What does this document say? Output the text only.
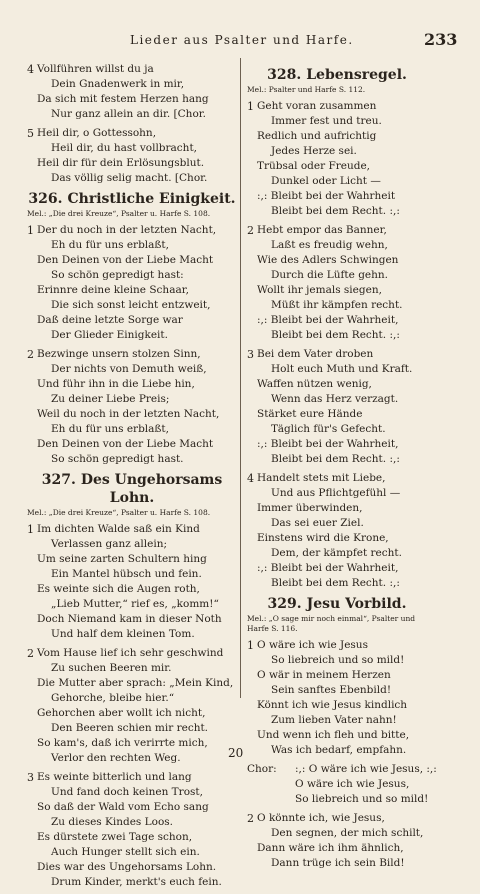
Lieder aus Psalter und Harfe.	233
4 Vollführen willst du ja
Dein Gnadenwerk in mir,
Da sich mit festem Herzen hang
Nur ganz allein an dir. [Chor.
5 Heil dir, o Gottessohn,
Heil dir, du hast vollbracht,
Heil dir für dein Erlösungsblut.
Das völlig selig macht. [Chor.
326. Christliche Einigkeit.
Mel.: „Die drei Kreuze“, Psalter u. Harfe S. 108.
1 Der du noch in der letzten Nacht,
Eh du für uns erblaßt,
Den Deinen von der Liebe Macht
So schön gepredigt hast:
Erinnre deine kleine Schaar,
Die sich sonst leicht entzweit,
Daß deine letzte Sorge war
Der Glieder Einigkeit.
2 Bezwinge unsern stolzen Sinn,
Der nichts von Demuth weiß,
Und führ ihn in die Liebe hin,
Zu deiner Liebe Preis;
Weil du noch in der letzten Nacht,
Eh du für uns erblaßt,
Den Deinen von der Liebe Macht
So schön gepredigt hast.
327. Des Ungehorsams Lohn.
Mel.: „Die drei Kreuze“, Psalter u. Harfe S. 108.
1 Im dichten Walde saß ein Kind
Verlassen ganz allein;
Um seine zarten Schultern hing
Ein Mantel hübsch und fein.
Es weinte sich die Augen roth,
„Lieb Mutter,“ rief es, „komm!“
Doch Niemand kam in dieser Noth
Und half dem kleinen Tom.
2 Vom Hause lief ich sehr geschwind
Zu suchen Beeren mir.
Die Mutter aber sprach: „Mein Kind,
Gehorche, bleibe hier.“
Gehorchen aber wollt ich nicht,
Den Beeren schien mir recht.
So kam's, daß ich verirrte mich,
Verlor den rechten Weg.
3 Es weinte bitterlich und lang
Und fand doch keinen Trost,
So daß der Wald vom Echo sang
Zu dieses Kindes Loos.
Es dürstete zwei Tage schon,
Auch Hunger stellt sich ein.
Dies war des Ungehorsams Lohn.
Drum Kinder, merkt's euch fein.
328. Lebensregel.
Mel.: Psalter und Harfe S. 112.
1 Geht voran zusammen
Immer fest und treu.
Redlich und aufrichtig
Jedes Herze sei.
Trübsal oder Freude,
Dunkel oder Licht —
:,: Bleibt bei der Wahrheit
Bleibt bei dem Recht. :,:
2 Hebt empor das Banner,
Laßt es freudig wehn,
Wie des Adlers Schwingen
Durch die Lüfte gehn.
Wollt ihr jemals siegen,
Müßt ihr kämpfen recht.
:,: Bleibt bei der Wahrheit,
Bleibt bei dem Recht. :,:
3 Bei dem Vater droben
Holt euch Muth und Kraft.
Waffen nützen wenig,
Wenn das Herz verzagt.
Stärket eure Hände
Täglich für's Gefecht.
:,: Bleibt bei der Wahrheit,
Bleibt bei dem Recht. :,:
4 Handelt stets mit Liebe,
Und aus Pflichtgefühl —
Immer überwinden,
Das sei euer Ziel.
Einstens wird die Krone,
Dem, der kämpfet recht.
:,: Bleibt bei der Wahrheit,
Bleibt bei dem Recht. :,:
329. Jesu Vorbild.
Mel.: „O sage mir noch einmal“, Psalter und Harfe S. 116.
1 O wäre ich wie Jesus
So liebreich und so mild!
O wär in meinem Herzen
Sein sanftes Ebenbild!
Könnt ich wie Jesus kindlich
Zum lieben Vater nahn!
Und wenn ich fleh und bitte,
Was ich bedarf, empfahn.
Chor:	:,: O wäre ich wie Jesus, :,:
O wäre ich wie Jesus,
So liebreich und so mild!
2 O könnte ich, wie Jesus,
Den segnen, der mich schilt,
Dann wäre ich ihm ähnlich,
Dann trüge ich sein Bild!
20
